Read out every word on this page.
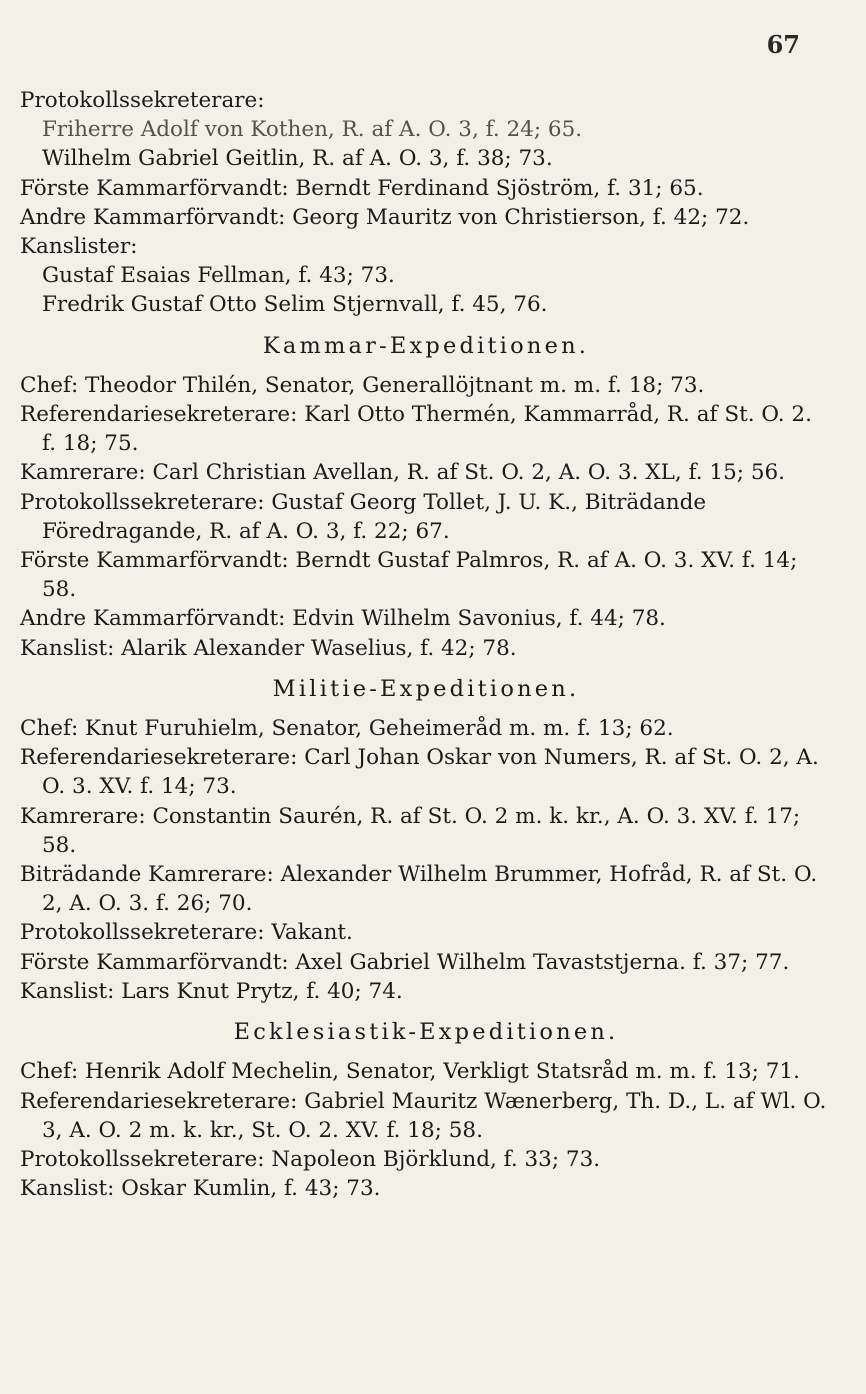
67

Protokollssekreterare:

Friherre Adolf von Kothen, R. af A. O. 3, f. 24; 65.

Wilhelm Gabriel Geitlin, R. af A. O. 3, f. 38; 73.

Förste Kammarförvandt: Berndt Ferdinand Sjöström, f. 31; 65.

Andre Kammarförvandt: Georg Mauritz von Christierson, f. 42; 72.

Kanslister:

Gustaf Esaias Fellman, f. 43; 73.

Fredrik Gustaf Otto Selim Stjernvall, f. 45, 76.

Kammar-Expeditionen.

Chef: Theodor Thilén, Senator, Generallöjtnant m. m. f. 18; 73.

Referendariesekreterare: Karl Otto Thermén, Kammarråd, R. af St. O. 2. f. 18; 75.

Kamrerare: Carl Christian Avellan, R. af St. O. 2, A. O. 3. XL, f. 15; 56.

Protokollssekreterare: Gustaf Georg Tollet, J. U. K., Biträdande Föredragande, R. af A. O. 3, f. 22; 67.

Förste Kammarförvandt: Berndt Gustaf Palmros, R. af A. O. 3. XV. f. 14; 58.

Andre Kammarförvandt: Edvin Wilhelm Savonius, f. 44; 78.

Kanslist: Alarik Alexander Waselius, f. 42; 78.

Militie-Expeditionen.

Chef: Knut Furuhielm, Senator, Geheimeråd m. m. f. 13; 62.

Referendariesekreterare: Carl Johan Oskar von Numers, R. af St. O. 2, A. O. 3. XV. f. 14; 73.

Kamrerare: Constantin Saurén, R. af St. O. 2 m. k. kr., A. O. 3. XV. f. 17; 58.

Biträdande Kamrerare: Alexander Wilhelm Brummer, Hofråd, R. af St. O. 2, A. O. 3. f. 26; 70.

Protokollssekreterare: Vakant.

Förste Kammarförvandt: Axel Gabriel Wilhelm Tavaststjerna. f. 37; 77.

Kanslist: Lars Knut Prytz, f. 40; 74.

Ecklesiastik-Expeditionen.

Chef: Henrik Adolf Mechelin, Senator, Verkligt Statsråd m. m. f. 13; 71.

Referendariesekreterare: Gabriel Mauritz Wænerberg, Th. D., L. af Wl. O. 3, A. O. 2 m. k. kr., St. O. 2. XV. f. 18; 58.

Protokollssekreterare: Napoleon Björklund, f. 33; 73.

Kanslist: Oskar Kumlin, f. 43; 73.
